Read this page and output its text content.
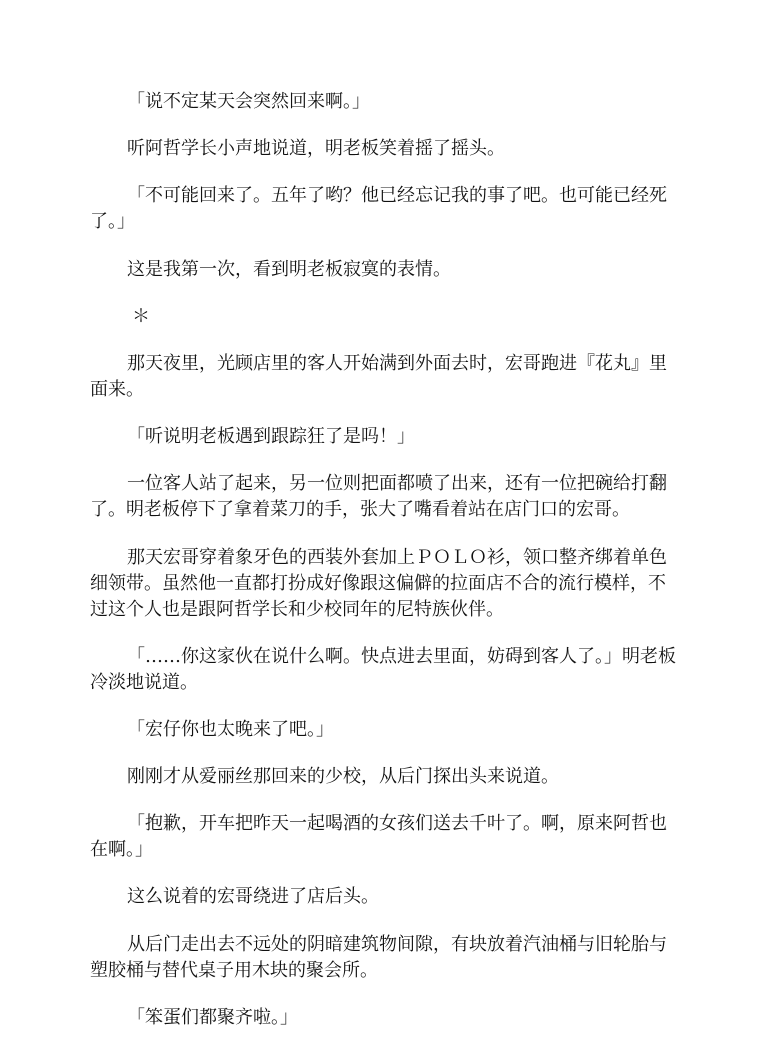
「说不定某天会突然回来啊。」

听阿哲学长小声地说道，明老板笑着摇了摇头。

「不可能回来了。五年了哟？他已经忘记我的事了吧。也可能已经死了。」

这是我第一次，看到明老板寂寞的表情。

＊

那天夜里，光顾店里的客人开始满到外面去时，宏哥跑进『花丸』里面来。

「听说明老板遇到跟踪狂了是吗！」

一位客人站了起来，另一位则把面都喷了出来，还有一位把碗给打翻了。明老板停下了拿着菜刀的手，张大了嘴看着站在店门口的宏哥。

那天宏哥穿着象牙色的西装外套加上ＰＯＬＯ衫，领口整齐绑着单色细领带。虽然他一直都打扮成好像跟这偏僻的拉面店不合的流行模样，不过这个人也是跟阿哲学长和少校同年的尼特族伙伴。

「……你这家伙在说什么啊。快点进去里面，妨碍到客人了。」明老板冷淡地说道。

「宏仔你也太晚来了吧。」

刚刚才从爱丽丝那回来的少校，从后门探出头来说道。

「抱歉，开车把昨天一起喝酒的女孩们送去千叶了。啊，原来阿哲也在啊。」

这么说着的宏哥绕进了店后头。

从后门走出去不远处的阴暗建筑物间隙，有块放着汽油桶与旧轮胎与塑胶桶与替代桌子用木块的聚会所。

「笨蛋们都聚齐啦。」
